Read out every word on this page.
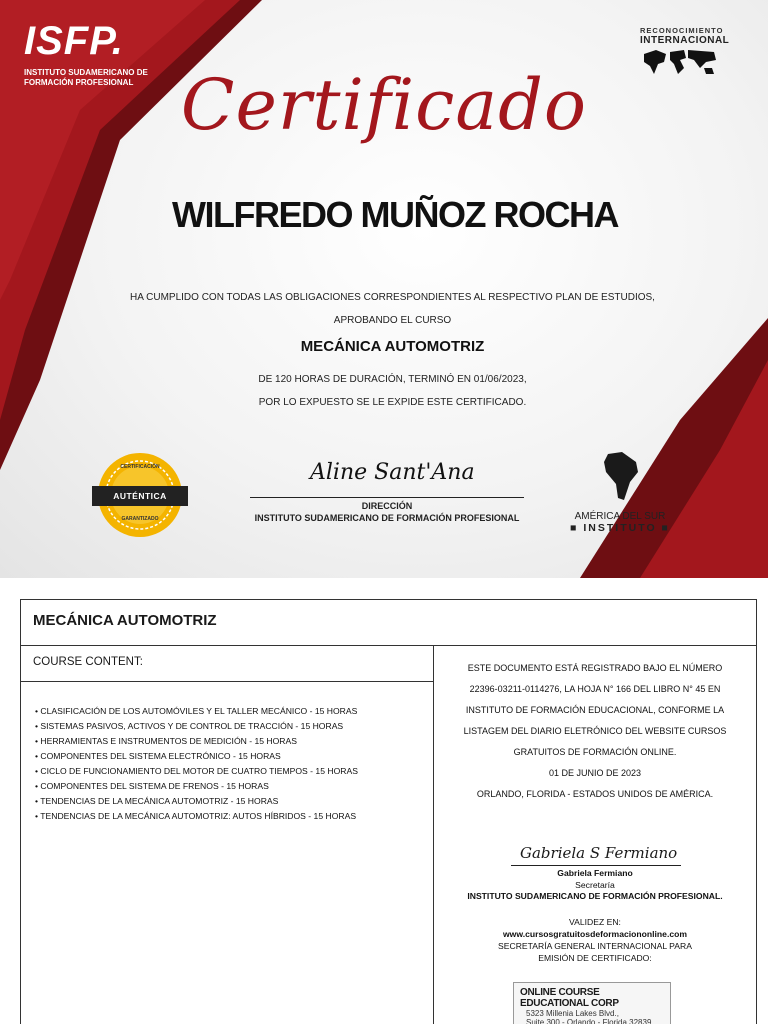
ISFP.
INSTITUTO SUDAMERICANO DE
FORMACIÓN PROFESIONAL
RECONOCIMIENTO
INTERNACIONAL
Certificado
WILFREDO MUÑOZ ROCHA
HA CUMPLIDO CON TODAS LAS OBLIGACIONES CORRESPONDIENTES AL RESPECTIVO PLAN DE ESTUDIOS,
APROBANDO EL CURSO
MECÁNICA AUTOMOTRIZ
DE 120 HORAS DE DURACIÓN, TERMINÓ EN 01/06/2023,
POR LO EXPUESTO SE LE EXPIDE ESTE CERTIFICADO.
CERTIFICACIÓN
AUTÉNTICA
GARANTIZADO
Aline Sant'Ana
DIRECCIÓN
INSTITUTO SUDAMERICANO DE FORMACIÓN PROFESIONAL	AMÉRICA DEL SUR
■ INSTITUTO ■
MECÁNICA AUTOMOTRIZ
COURSE CONTENT:
• CLASIFICACIÓN DE LOS AUTOMÓVILES Y EL TALLER MECÁNICO - 15 HORAS
• SISTEMAS PASIVOS, ACTIVOS Y DE CONTROL DE TRACCIÓN - 15 HORAS
• HERRAMIENTAS E INSTRUMENTOS DE MEDICIÓN - 15 HORAS
• COMPONENTES DEL SISTEMA ELECTRÓNICO - 15 HORAS
• CICLO DE FUNCIONAMIENTO DEL MOTOR DE CUATRO TIEMPOS - 15 HORAS
• COMPONENTES DEL SISTEMA DE FRENOS - 15 HORAS
• TENDENCIAS DE LA MECÁNICA AUTOMOTRIZ - 15 HORAS
• TENDENCIAS DE LA MECÁNICA AUTOMOTRIZ: AUTOS HÍBRIDOS - 15 HORAS

ESTE DOCUMENTO ESTÁ REGISTRADO BAJO EL NÚMERO

22396-03211-0114276, LA HOJA N° 166 DEL LIBRO N° 45 EN

INSTITUTO DE FORMACIÓN EDUCACIONAL, CONFORME LA

LISTAGEM DEL DIARIO ELETRÓNICO DEL WEBSITE CURSOS

GRATUITOS DE FORMACIÓN ONLINE.

01 DE JUNIO DE 2023

ORLANDO, FLORIDA - ESTADOS UNIDOS DE AMÉRICA.

Gabriela S Fermiano
Gabriela Fermiano
Secretaría
INSTITUTO SUDAMERICANO DE FORMACIÓN PROFESIONAL.
VALIDEZ EN:
www.cursosgratuitosdeformaciononline.com
SECRETARÍA GENERAL INTERNACIONAL PARA
EMISIÓN DE CERTIFICADO:
ONLINE COURSE EDUCATIONAL CORP
5323 Millenia Lakes Blvd.,
Suite 300 - Orlando - Florida 32839
